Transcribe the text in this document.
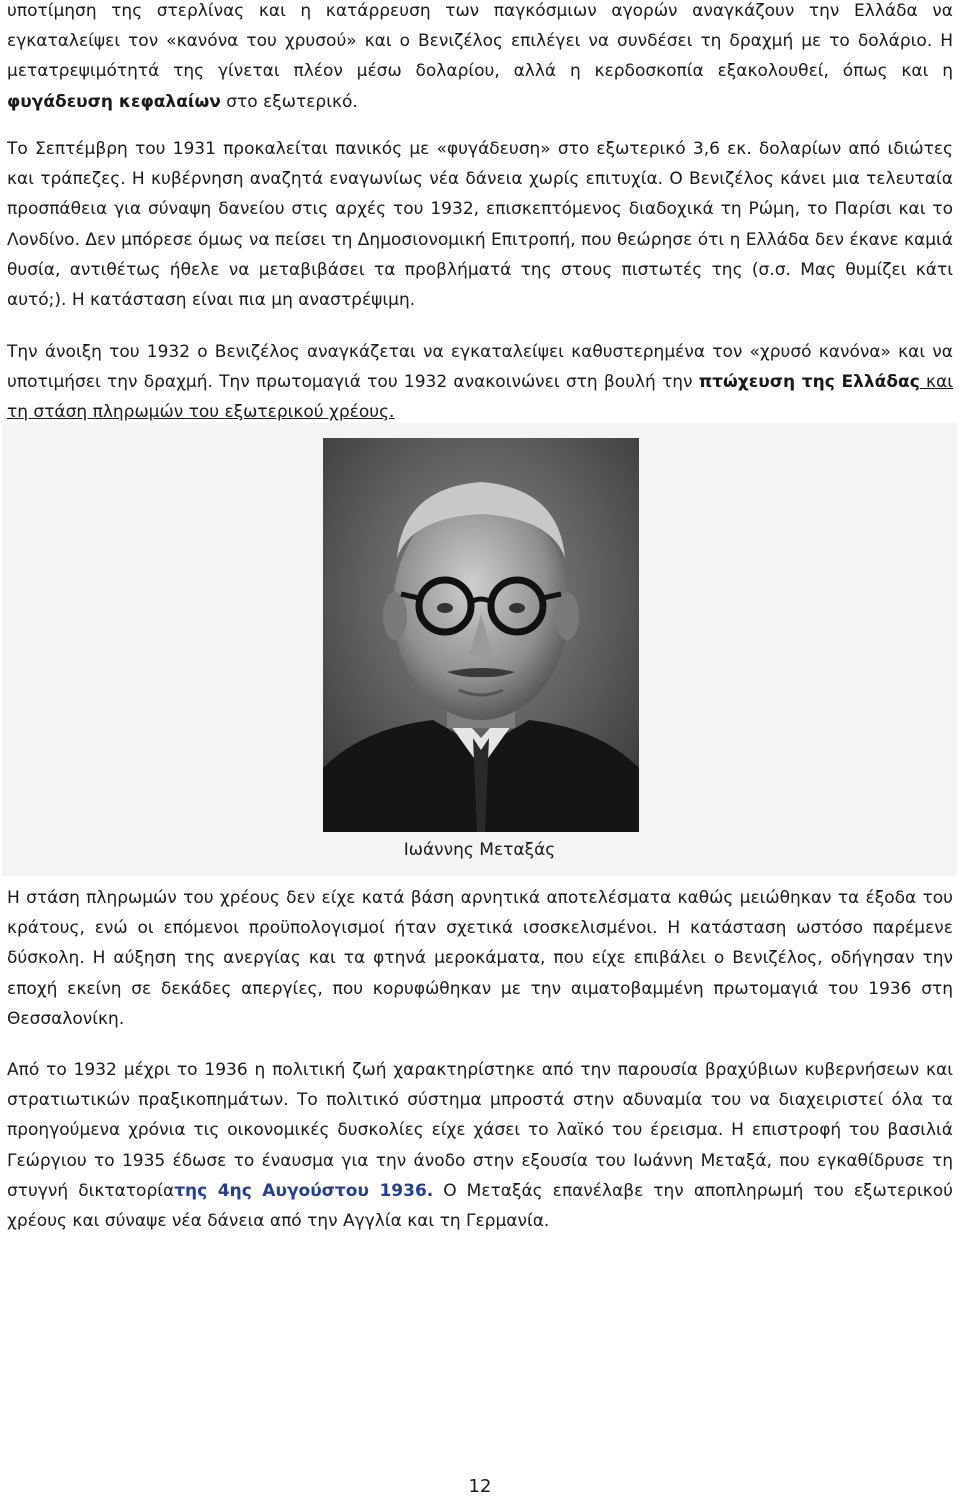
υποτίμηση της στερλίνας και η κατάρρευση των παγκόσμιων αγορών αναγκάζουν την Ελλάδα να εγκαταλείψει τον «κανόνα του χρυσού» και ο Βενιζέλος επιλέγει να συνδέσει τη δραχμή με το δολάριο. Η μετατρεψιμότητά της γίνεται πλέον μέσω δολαρίου, αλλά η κερδοσκοπία εξακολουθεί, όπως και η φυγάδευση κεφαλαίων στο εξωτερικό.

Το Σεπτέμβρη του 1931 προκαλείται πανικός με «φυγάδευση» στο εξωτερικό 3,6 εκ. δολαρίων από ιδιώτες και τράπεζες. Η κυβέρνηση αναζητά εναγωνίως νέα δάνεια χωρίς επιτυχία. Ο Βενιζέλος κάνει μια τελευταία προσπάθεια για σύναψη δανείου στις αρχές του 1932, επισκεπτόμενος διαδοχικά τη Ρώμη, το Παρίσι και το Λονδίνο. Δεν μπόρεσε όμως να πείσει τη Δημοσιονομική Επιτροπή, που θεώρησε ότι η Ελλάδα δεν έκανε καμιά θυσία, αντιθέτως ήθελε να μεταβιβάσει τα προβλήματά της στους πιστωτές της (σ.σ. Μας θυμίζει κάτι αυτό;). Η κατάσταση είναι πια μη αναστρέψιμη.

Την άνοιξη του 1932 ο Βενιζέλος αναγκάζεται να εγκαταλείψει καθυστερημένα τον «χρυσό κανόνα» και να υποτιμήσει την δραχμή. Την πρωτομαγιά του 1932 ανακοινώνει στη βουλή την πτώχευση της Ελλάδας και τη στάση πληρωμών του εξωτερικού χρέους.

Ιωάννης Μεταξάς

Η στάση πληρωμών του χρέους δεν είχε κατά βάση αρνητικά αποτελέσματα καθώς μειώθηκαν τα έξοδα του κράτους, ενώ οι επόμενοι προϋπολογισμοί ήταν σχετικά ισοσκελισμένοι. Η κατάσταση ωστόσο παρέμενε δύσκολη. Η αύξηση της ανεργίας και τα φτηνά μεροκάματα, που είχε επιβάλει ο Βενιζέλος, οδήγησαν την εποχή εκείνη σε δεκάδες απεργίες, που κορυφώθηκαν με την αιματοβαμμένη πρωτομαγιά του 1936 στη Θεσσαλονίκη.

Από το 1932 μέχρι το 1936 η πολιτική ζωή χαρακτηρίστηκε από την παρουσία βραχύβιων κυβερνήσεων και στρατιωτικών πραξικοπημάτων. Το πολιτικό σύστημα μπροστά στην αδυναμία του να διαχειριστεί όλα τα προηγούμενα χρόνια τις οικονομικές δυσκολίες είχε χάσει το λαϊκό του έρεισμα. Η επιστροφή του βασιλιά Γεώργιου το 1935 έδωσε το έναυσμα για την άνοδο στην εξουσία του Ιωάννη Μεταξά, που εγκαθίδρυσε τη στυγνή δικτατορίατης 4ης Αυγούστου 1936. Ο Μεταξάς επανέλαβε την αποπληρωμή του εξωτερικού χρέους και σύναψε νέα δάνεια από την Αγγλία και τη Γερμανία.

12
